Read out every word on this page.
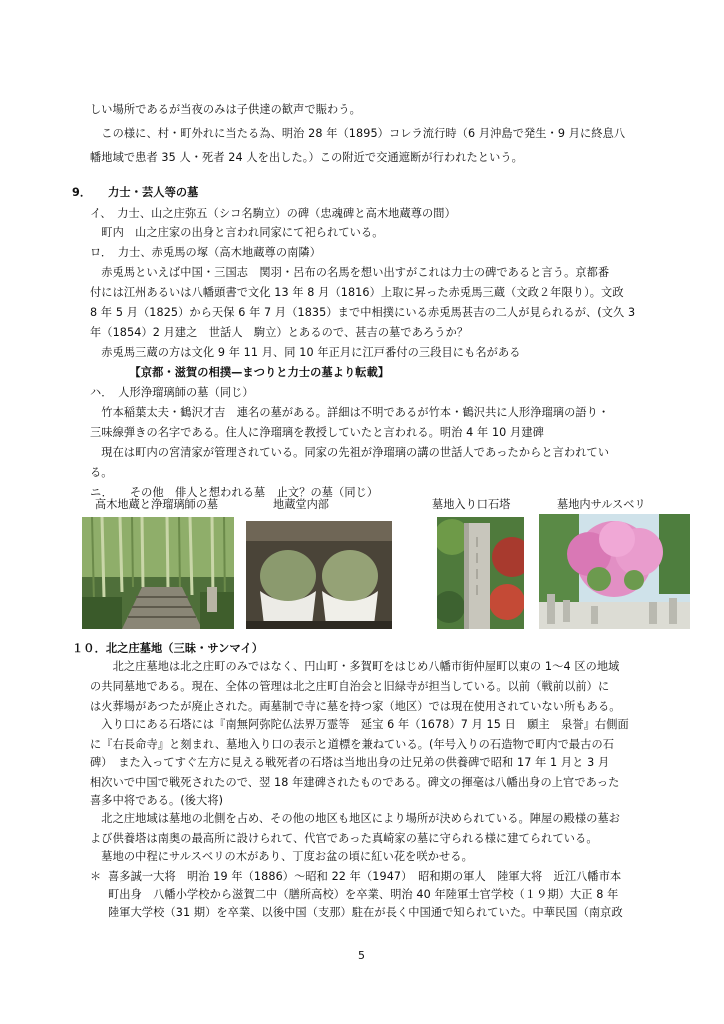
しい場所であるが当夜のみは子供達の歓声で賑わう。
　この様に、村・町外れに当たる為、明治 28 年（1895）コレラ流行時（6 月沖島で発生・9 月に終息八
幡地域で患者 35 人・死者 24 人を出した。）この附近で交通遮断が行われたという。
9．　　力士・芸人等の墓
イ、　力士、山之庄弥五（シコ名駒立）の碑（忠魂碑と高木地蔵尊の間）
　町内　山之庄家の出身と言われ同家にて祀られている。
ロ．　力士、赤兎馬の塚（高木地蔵尊の南隣）
　赤兎馬といえば中国・三国志　関羽・呂布の名馬を想い出すがこれは力士の碑であると言う。京都番
付には江州あるいは八幡頭書で文化 13 年 8 月（1816）上取に昇った赤兎馬三蔵（文政２年限り）。文政
8 年 5 月（1825）から天保 6 年 7 月（1835）まで中相撲にいる赤兎馬甚吉の二人が見られるが、(文久 3
年（1854）2 月建之　世話人　駒立）とあるので、甚吉の墓であろうか？
　赤兎馬三蔵の方は文化 9 年 11 月、同 10 年正月に江戸番付の三段目にも名がある
　　　　【京都・滋賀の相撲—まつりと力士の墓より転載】
ハ．　人形浄瑠璃師の墓（同じ）
　竹本稲葉太夫・鶴沢才吉　連名の墓がある。詳細は不明であるが竹本・鶴沢共に人形浄瑠璃の語り・
三味線弾きの名字である。住人に浄瑠璃を教授していたと言われる。明治 4 年 10 月建碑
　現在は町内の宮清家が管理されている。同家の先祖が浄瑠璃の講の世話人であったからと言われてい
る。
ニ．　　その他　俳人と想われる墓　止文？の墓（同じ）
高木地蔵と浄瑠璃師の墓	地蔵堂内部	墓地入り口石塔	墓地内サルスベリ
１０．北之庄墓地（三昧・サンマイ）
　　北之庄墓地は北之庄町のみではなく、円山町・多賀町をはじめ八幡市街仲屋町以東の 1〜4 区の地域
の共同墓地である。現在、全体の管理は北之庄町自治会と旧緑寺が担当している。以前（戦前以前）に
は火葬場があつたが廃止された。両墓制で寺に墓を持つ家（地区）では現在使用されていない所もある。
　入り口にある石塔には『南無阿弥陀仏法界万霊等　延宝 6 年（1678）7 月 15 日　願主　泉誉』右側面
に『右長命寺』と刻まれ、墓地入り口の表示と道標を兼ねている。(年号入りの石造物で町内で最古の石
碑）　また入ってすぐ左方に見える戦死者の石塔は当地出身の辻兄弟の供養碑で昭和 17 年 1 月と 3 月
相次いで中国で戦死されたので、翌 18 年建碑されたものである。碑文の揮毫は八幡出身の上官であった
喜多中将である。(後大将)
　北之庄地域は墓地の北側を占め、その他の地区も地区により場所が決められている。陣屋の殿様の墓お
よび供養塔は南奥の最高所に設けられて、代官であった真崎家の墓に守られる様に建てられている。
　墓地の中程にサルスベリの木があり、丁度お盆の頃に紅い花を咲かせる。
＊ 喜多誠一大将　明治 19 年（1886）〜昭和 22 年（1947）　昭和期の軍人　陸軍大将　近江八幡市本
町出身　八幡小学校から滋賀二中（膳所高校）を卒業、明治 40 年陸軍士官学校（１９期）大正 8 年
陸軍大学校（31 期）を卒業、以後中国（支那）駐在が長く中国通で知られていた。中華民国（南京政
5
